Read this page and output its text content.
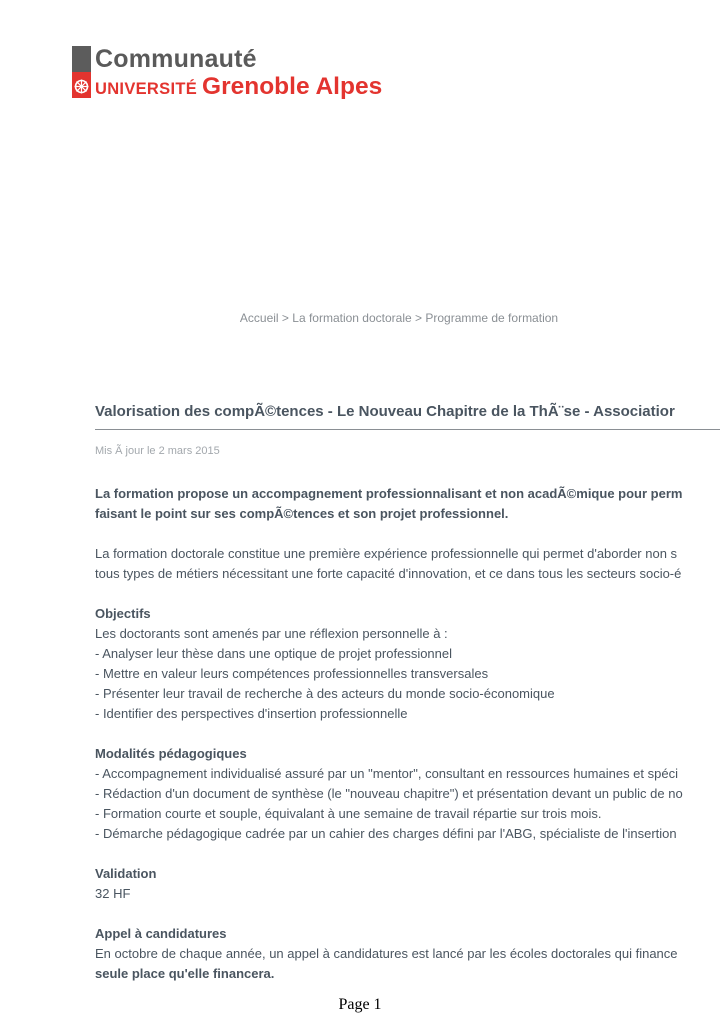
Communauté
UNIVERSITÉ Grenoble Alpes
Accueil > La formation doctorale > Programme de formation
Valorisation des compÃ©tences - Le Nouveau Chapitre de la ThÃ¨se - Associatior
Mis Ã jour le 2 mars 2015

La formation propose un accompagnement professionnalisant et non acadÃ©mique pour perm

faisant le point sur ses compÃ©tences et son projet professionnel.

La formation doctorale constitue une première expérience professionnelle qui permet d'aborder non s

tous types de métiers nécessitant une forte capacité d'innovation, et ce dans tous les secteurs socio-é

Objectifs

Les doctorants sont amenés par une réflexion personnelle à :

- Analyser leur thèse dans une optique de projet professionnel

- Mettre en valeur leurs compétences professionnelles transversales

- Présenter leur travail de recherche à des acteurs du monde socio-économique

- Identifier des perspectives d'insertion professionnelle

Modalités pédagogiques

- Accompagnement individualisé assuré par un "mentor", consultant en ressources humaines et spéci

- Rédaction d'un document de synthèse (le "nouveau chapitre") et présentation devant un public de no

- Formation courte et souple, équivalant à une semaine de travail répartie sur trois mois.

- Démarche pédagogique cadrée par un cahier des charges défini par l'ABG, spécialiste de l'insertion

Validation

32 HF

Appel à candidatures

En octobre de chaque année, un appel à candidatures est lancé par les écoles doctorales qui finance

seule place qu'elle financera.

Page 1
